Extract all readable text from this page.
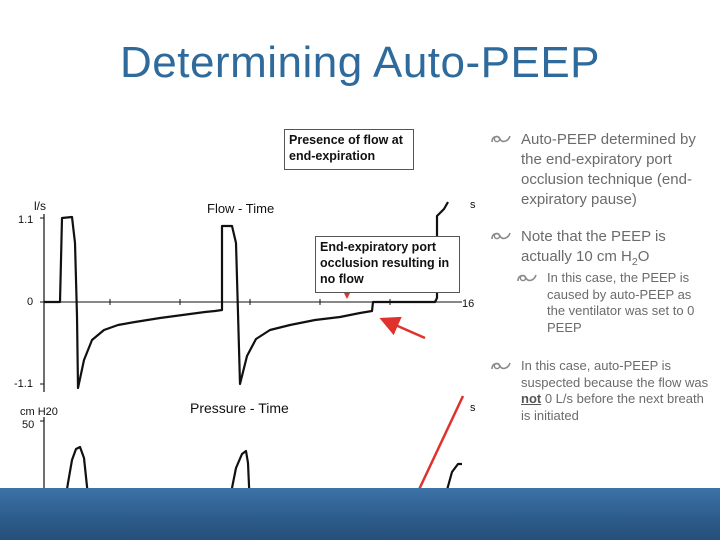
Determining Auto-PEEP
l/s	Flow - Time	s
1.1
0
-1.1
16
cm H20
50
Pressure - Time	s
Presence of flow at end-expiration
End-expiratory port occlusion resulting in no flow
Auto-PEEP determined by the end-expiratory port occlusion technique (end-expiratory pause)
Note that the PEEP is actually 10 cm $H_2O$
In this case, the PEEP is caused by auto-PEEP as the ventilator was set to 0 PEEP
In this case, auto-PEEP is suspected because the flow was not 0 L/s before the next breath is initiated
